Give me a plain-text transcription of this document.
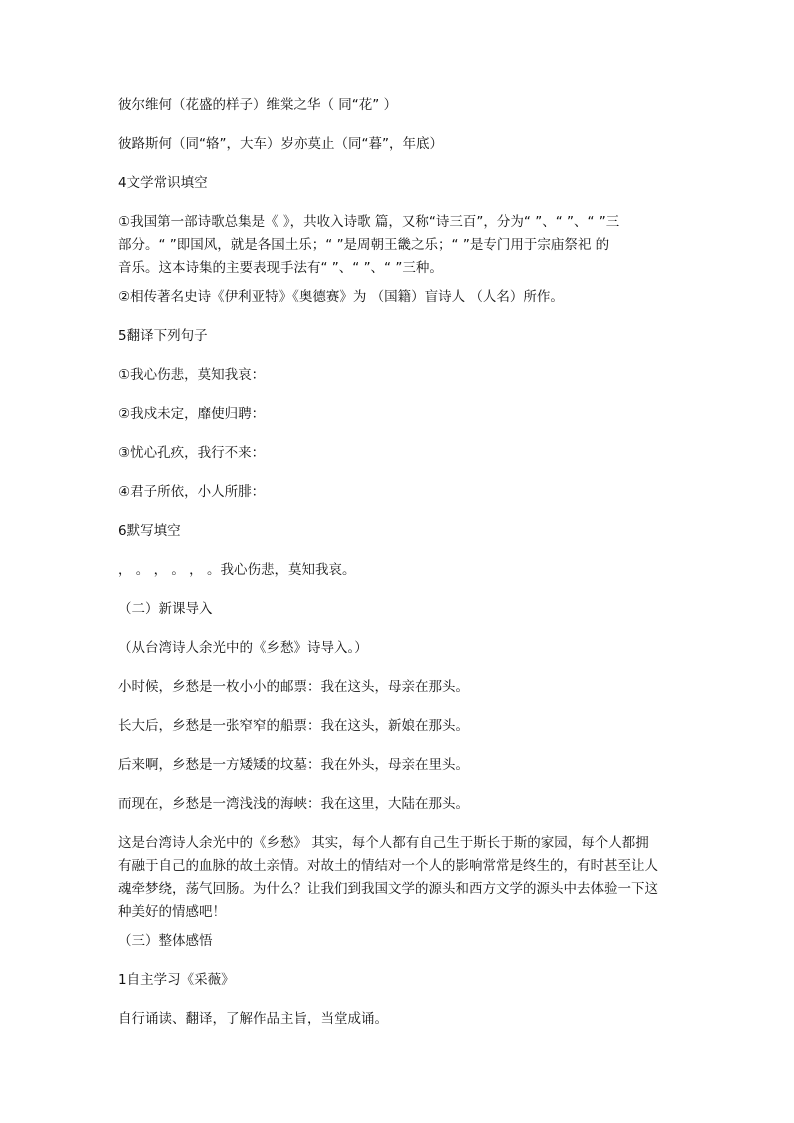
彼尔维何（花盛的样子）维棠之华（ 同“花” ）
彼路斯何（同“辂”，大车）岁亦莫止（同“暮”，年底）
4文学常识填空
①我国第一部诗歌总集是《 》，共收入诗歌 篇，又称“诗三百”，分为“ ”、“ ”、“ ”三
部分。“ ”即国风，就是各国土乐；“ ”是周朝王畿之乐；“ ”是专门用于宗庙祭祀 的
音乐。这本诗集的主要表现手法有“ ”、“ ”、“ ”三种。
②相传著名史诗《伊利亚特》《奥德赛》为 （国籍）盲诗人 （人名）所作。
5翻译下列句子
①我心伤悲，莫知我哀：
②我戍未定，靡使归聘：
③忧心孔疚，我行不来：
④君子所依，小人所腓：
6默写填空
， 。 ， 。 ， 。我心伤悲，莫知我哀。
（二）新课导入
（从台湾诗人余光中的《乡愁》诗导入。）
小时候，乡愁是一枚小小的邮票：我在这头，母亲在那头。
长大后，乡愁是一张窄窄的船票：我在这头，新娘在那头。
后来啊，乡愁是一方矮矮的坟墓：我在外头，母亲在里头。
而现在，乡愁是一湾浅浅的海峡：我在这里，大陆在那头。
这是台湾诗人余光中的《乡愁》 其实，每个人都有自己生于斯长于斯的家园，每个人都拥
有融于自己的血脉的故土亲情。对故土的情结对一个人的影响常常是终生的，有时甚至让人
魂牵梦绕，荡气回肠。为什么？让我们到我国文学的源头和西方文学的源头中去体验一下这
种美好的情感吧！
（三）整体感悟
1自主学习《采薇》
自行诵读、翻译，了解作品主旨，当堂成诵。
